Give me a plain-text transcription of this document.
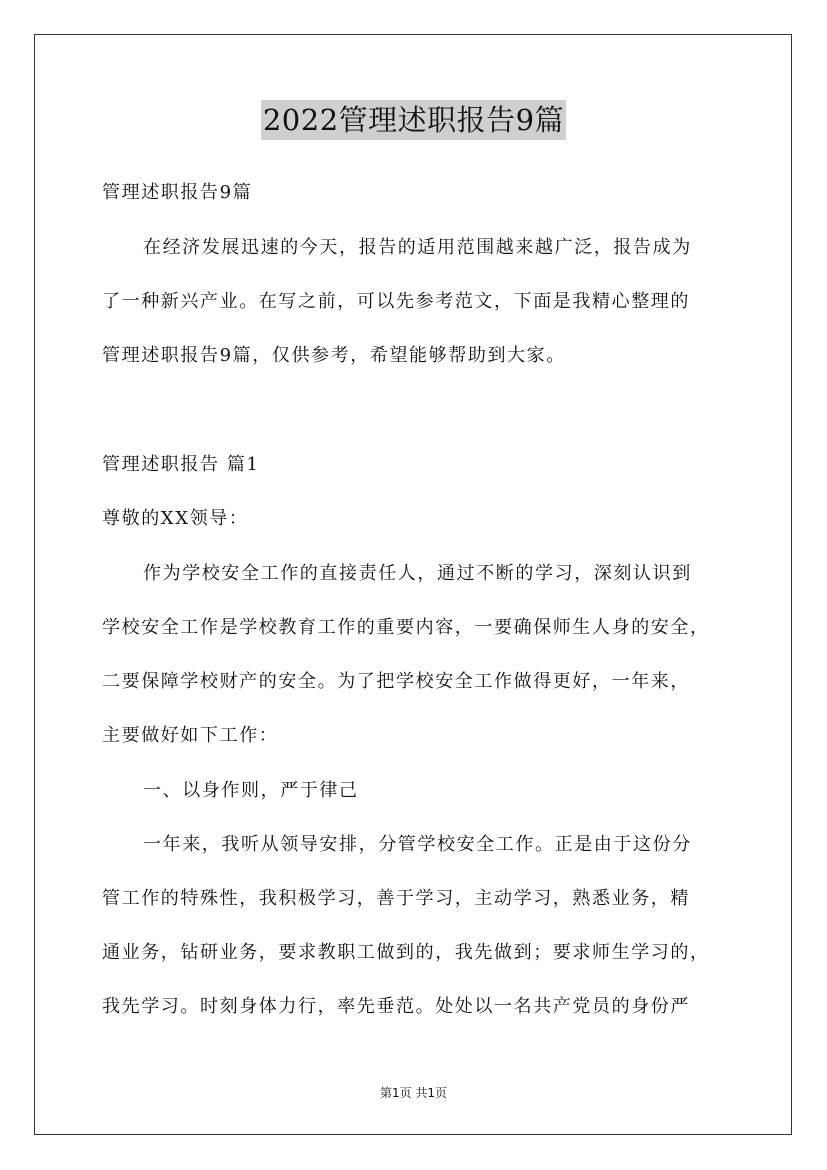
2022管理述职报告9篇
管理述职报告9篇
在经济发展迅速的今天，报告的适用范围越来越广泛，报告成为
了一种新兴产业。在写之前，可以先参考范文，下面是我精心整理的
管理述职报告9篇，仅供参考，希望能够帮助到大家。
管理述职报告 篇1
尊敬的XX领导：
作为学校安全工作的直接责任人，通过不断的学习，深刻认识到
学校安全工作是学校教育工作的重要内容，一要确保师生人身的安全，
二要保障学校财产的安全。为了把学校安全工作做得更好，一年来，
主要做好如下工作：
一、以身作则，严于律己
一年来，我听从领导安排，分管学校安全工作。正是由于这份分
管工作的特殊性，我积极学习，善于学习，主动学习，熟悉业务，精
通业务，钻研业务，要求教职工做到的，我先做到；要求师生学习的，
我先学习。时刻身体力行，率先垂范。处处以一名共产党员的身份严
第1页 共1页
